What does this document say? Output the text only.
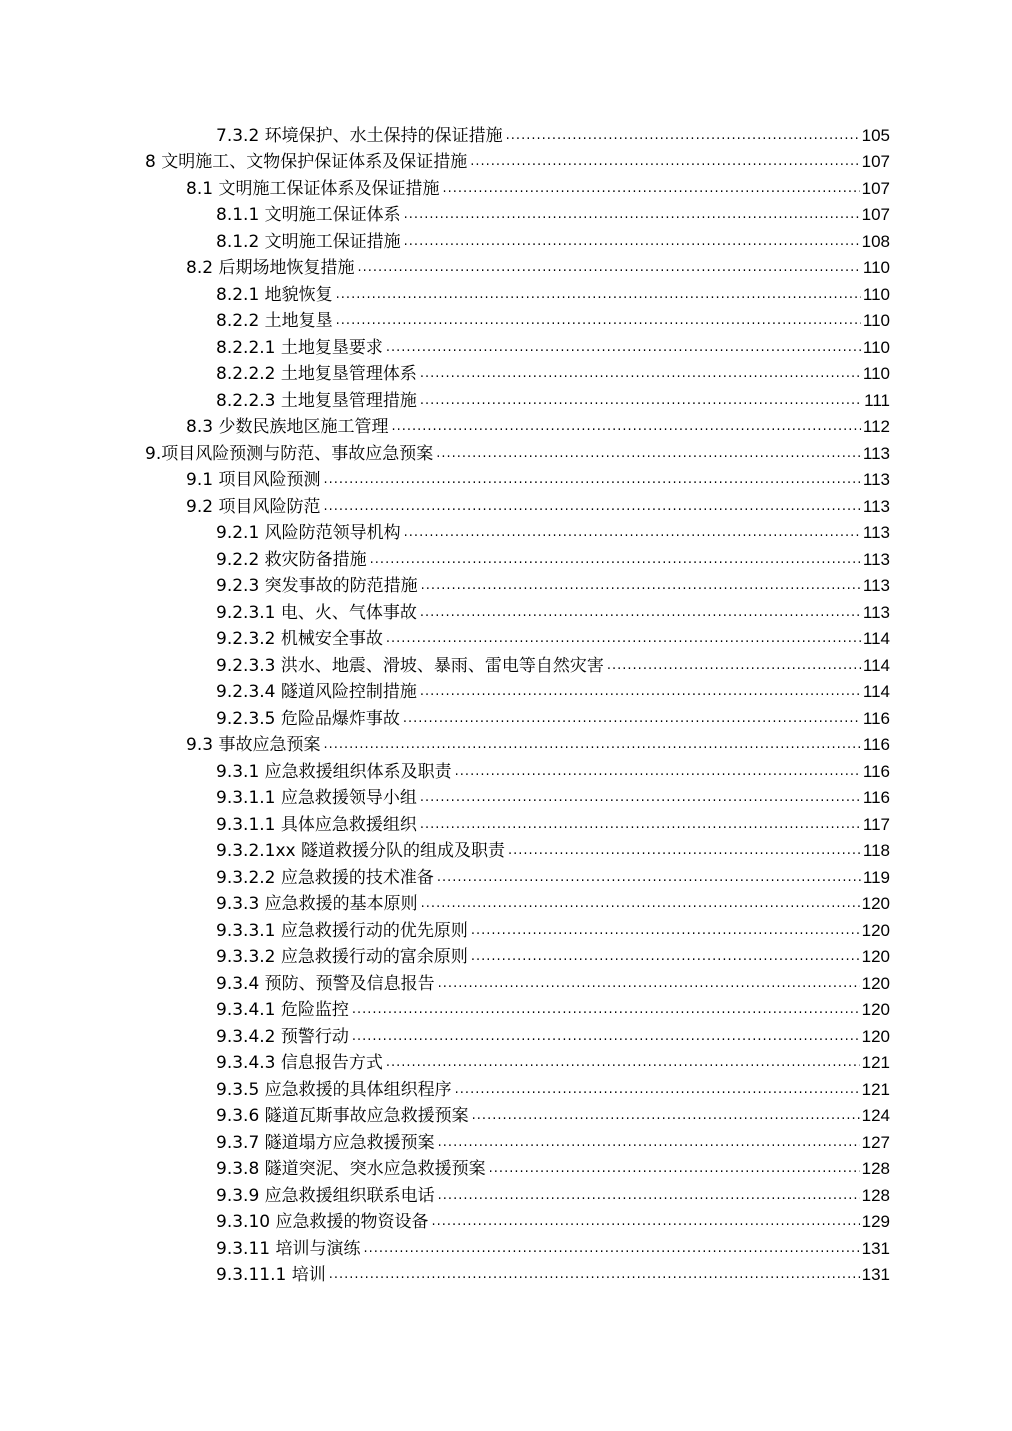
7.3.2 环境保护、水土保持的保证措施 .....	105
8 文明施工、文物保护保证体系及保证措施 .....	107
8.1 文明施工保证体系及保证措施 .....	107
8.1.1 文明施工保证体系 .....	107
8.1.2 文明施工保证措施 .....	108
8.2 后期场地恢复措施 .....	110
8.2.1 地貌恢复 .....	110
8.2.2 土地复垦 .....	110
8.2.2.1 土地复垦要求 .....	110
8.2.2.2 土地复垦管理体系 .....	110
8.2.2.3 土地复垦管理措施 .....	111
8.3 少数民族地区施工管理 .....	112
9.项目风险预测与防范、事故应急预案 .....	113
9.1 项目风险预测 .....	113
9.2 项目风险防范 .....	113
9.2.1 风险防范领导机构 .....	113
9.2.2 救灾防备措施 .....	113
9.2.3 突发事故的防范措施 .....	113
9.2.3.1 电、火、气体事故 .....	113
9.2.3.2 机械安全事故 .....	114
9.2.3.3 洪水、地震、滑坡、暴雨、雷电等自然灾害 .....	114
9.2.3.4 隧道风险控制措施 .....	114
9.2.3.5 危险品爆炸事故 .....	116
9.3 事故应急预案 .....	116
9.3.1 应急救援组织体系及职责 .....	116
9.3.1.1 应急救援领导小组 .....	116
9.3.1.1 具体应急救援组织 .....	117
9.3.2.1xx 隧道救援分队的组成及职责 .....	118
9.3.2.2 应急救援的技术准备 .....	119
9.3.3 应急救援的基本原则 .....	120
9.3.3.1 应急救援行动的优先原则 .....	120
9.3.3.2 应急救援行动的富余原则 .....	120
9.3.4 预防、预警及信息报告 .....	120
9.3.4.1 危险监控 .....	120
9.3.4.2 预警行动 .....	120
9.3.4.3 信息报告方式 .....	121
9.3.5 应急救援的具体组织程序 .....	121
9.3.6 隧道瓦斯事故应急救援预案 .....	124
9.3.7 隧道塌方应急救援预案 .....	127
9.3.8 隧道突泥、突水应急救援预案 .....	128
9.3.9 应急救援组织联系电话 .....	128
9.3.10 应急救援的物资设备 .....	129
9.3.11 培训与演练 .....	131
9.3.11.1 培训 .....	131
